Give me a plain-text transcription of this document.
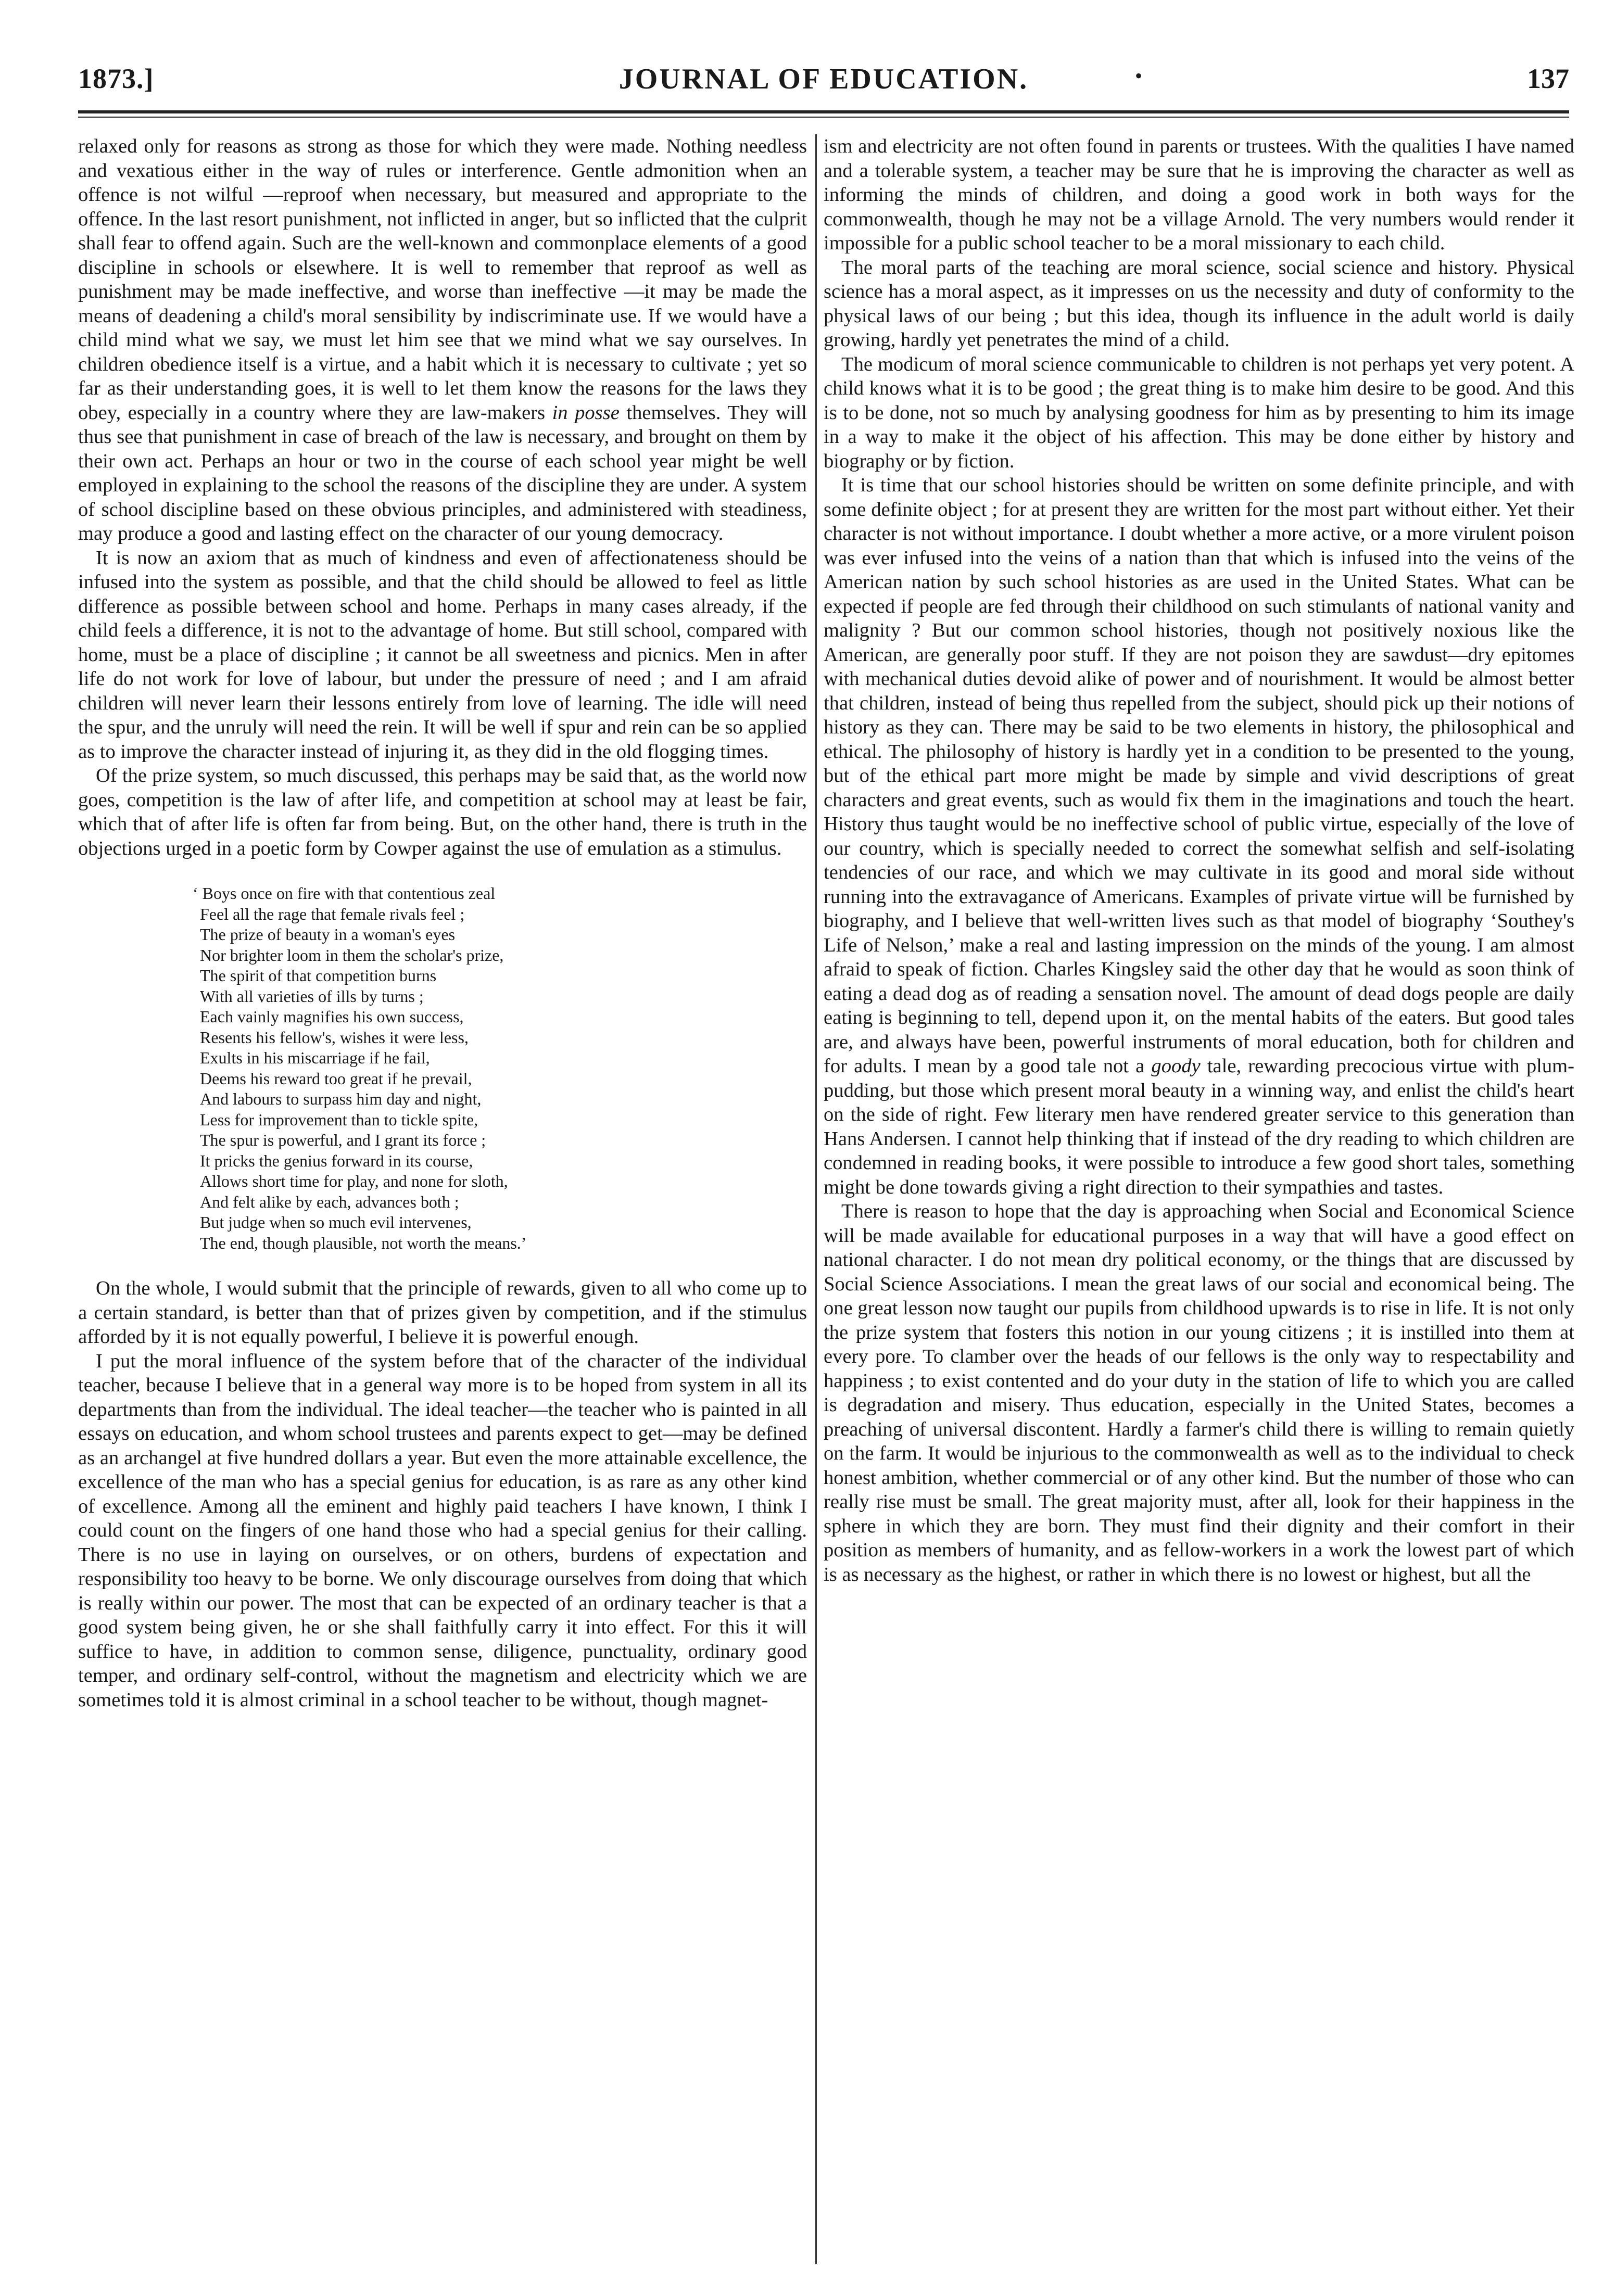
1873.]	JOURNAL OF EDUCATION.	•	137

relaxed only for reasons as strong as those for which they were made. Nothing needless and vexatious either in the way of rules or interference. Gentle admonition when an offence is not wilful —reproof when necessary, but measured and appropriate to the offence. In the last resort punishment, not inflicted in anger, but so inflicted that the culprit shall fear to offend again. Such are the well-known and commonplace elements of a good discipline in schools or elsewhere. It is well to remember that reproof as well as punishment may be made ineffective, and worse than ineffective —it may be made the means of deadening a child's moral sensibility by indiscriminate use. If we would have a child mind what we say, we must let him see that we mind what we say ourselves. In children obedience itself is a virtue, and a habit which it is necessary to cultivate ; yet so far as their understanding goes, it is well to let them know the reasons for the laws they obey, especially in a country where they are law-makers in posse themselves. They will thus see that punishment in case of breach of the law is necessary, and brought on them by their own act. Perhaps an hour or two in the course of each school year might be well employed in explaining to the school the reasons of the discipline they are under. A system of school discipline based on these obvious principles, and administered with steadiness, may produce a good and lasting effect on the character of our young democracy.

It is now an axiom that as much of kindness and even of affectionateness should be infused into the system as possible, and that the child should be allowed to feel as little difference as possible between school and home. Perhaps in many cases already, if the child feels a difference, it is not to the advantage of home. But still school, compared with home, must be a place of discipline ; it cannot be all sweetness and picnics. Men in after life do not work for love of labour, but under the pressure of need ; and I am afraid children will never learn their lessons entirely from love of learning. The idle will need the spur, and the unruly will need the rein. It will be well if spur and rein can be so applied as to improve the character instead of injuring it, as they did in the old flogging times.

Of the prize system, so much discussed, this perhaps may be said that, as the world now goes, competition is the law of after life, and competition at school may at least be fair, which that of after life is often far from being. But, on the other hand, there is truth in the objections urged in a poetic form by Cowper against the use of emulation as a stimulus.

‘ Boys once on fire with that contentious zeal
Feel all the rage that female rivals feel ;
The prize of beauty in a woman's eyes
Nor brighter loom in them the scholar's prize,
The spirit of that competition burns
With all varieties of ills by turns ;
Each vainly magnifies his own success,
Resents his fellow's, wishes it were less,
Exults in his miscarriage if he fail,
Deems his reward too great if he prevail,
And labours to surpass him day and night,
Less for improvement than to tickle spite,
The spur is powerful, and I grant its force ;
It pricks the genius forward in its course,
Allows short time for play, and none for sloth,
And felt alike by each, advances both ;
But judge when so much evil intervenes,
The end, though plausible, not worth the means.’

On the whole, I would submit that the principle of rewards, given to all who come up to a certain standard, is better than that of prizes given by competition, and if the stimulus afforded by it is not equally powerful, I believe it is powerful enough.

I put the moral influence of the system before that of the character of the individual teacher, because I believe that in a general way more is to be hoped from system in all its departments than from the individual. The ideal teacher—the teacher who is painted in all essays on education, and whom school trustees and parents expect to get—may be defined as an archangel at five hundred dollars a year. But even the more attainable excellence, the excellence of the man who has a special genius for education, is as rare as any other kind of excellence. Among all the eminent and highly paid teachers I have known, I think I could count on the fingers of one hand those who had a special genius for their calling. There is no use in laying on ourselves, or on others, burdens of expectation and responsibility too heavy to be borne. We only discourage ourselves from doing that which is really within our power. The most that can be expected of an ordinary teacher is that a good system being given, he or she shall faithfully carry it into effect. For this it will suffice to have, in addition to common sense, diligence, punctuality, ordinary good temper, and ordinary self-control, without the magnetism and electricity which we are sometimes told it is almost criminal in a school teacher to be without, though magnet-

ism and electricity are not often found in parents or trustees. With the qualities I have named and a tolerable system, a teacher may be sure that he is improving the character as well as informing the minds of children, and doing a good work in both ways for the commonwealth, though he may not be a village Arnold. The very numbers would render it impossible for a public school teacher to be a moral missionary to each child.

The moral parts of the teaching are moral science, social science and history. Physical science has a moral aspect, as it impresses on us the necessity and duty of conformity to the physical laws of our being ; but this idea, though its influence in the adult world is daily growing, hardly yet penetrates the mind of a child.

The modicum of moral science communicable to children is not perhaps yet very potent. A child knows what it is to be good ; the great thing is to make him desire to be good. And this is to be done, not so much by analysing goodness for him as by presenting to him its image in a way to make it the object of his affection. This may be done either by history and biography or by fiction.

It is time that our school histories should be written on some definite principle, and with some definite object ; for at present they are written for the most part without either. Yet their character is not without importance. I doubt whether a more active, or a more virulent poison was ever infused into the veins of a nation than that which is infused into the veins of the American nation by such school histories as are used in the United States. What can be expected if people are fed through their childhood on such stimulants of national vanity and malignity ? But our common school histories, though not positively noxious like the American, are generally poor stuff. If they are not poison they are sawdust—dry epitomes with mechanical duties devoid alike of power and of nourishment. It would be almost better that children, instead of being thus repelled from the subject, should pick up their notions of history as they can. There may be said to be two elements in history, the philosophical and ethical. The philosophy of history is hardly yet in a condition to be presented to the young, but of the ethical part more might be made by simple and vivid descriptions of great characters and great events, such as would fix them in the imaginations and touch the heart. History thus taught would be no ineffective school of public virtue, especially of the love of our country, which is specially needed to correct the somewhat selfish and self-isolating tendencies of our race, and which we may cultivate in its good and moral side without running into the extravagance of Americans. Examples of private virtue will be furnished by biography, and I believe that well-written lives such as that model of biography ‘Southey's Life of Nelson,’ make a real and lasting impression on the minds of the young. I am almost afraid to speak of fiction. Charles Kingsley said the other day that he would as soon think of eating a dead dog as of reading a sensation novel. The amount of dead dogs people are daily eating is beginning to tell, depend upon it, on the mental habits of the eaters. But good tales are, and always have been, powerful instruments of moral education, both for children and for adults. I mean by a good tale not a goody tale, rewarding precocious virtue with plum-pudding, but those which present moral beauty in a winning way, and enlist the child's heart on the side of right. Few literary men have rendered greater service to this generation than Hans Andersen. I cannot help thinking that if instead of the dry reading to which children are condemned in reading books, it were possible to introduce a few good short tales, something might be done towards giving a right direction to their sympathies and tastes.

There is reason to hope that the day is approaching when Social and Economical Science will be made available for educational purposes in a way that will have a good effect on national character. I do not mean dry political economy, or the things that are discussed by Social Science Associations. I mean the great laws of our social and economical being. The one great lesson now taught our pupils from childhood upwards is to rise in life. It is not only the prize system that fosters this notion in our young citizens ; it is instilled into them at every pore. To clamber over the heads of our fellows is the only way to respectability and happiness ; to exist contented and do your duty in the station of life to which you are called is degradation and misery. Thus education, especially in the United States, becomes a preaching of universal discontent. Hardly a farmer's child there is willing to remain quietly on the farm. It would be injurious to the commonwealth as well as to the individual to check honest ambition, whether commercial or of any other kind. But the number of those who can really rise must be small. The great majority must, after all, look for their happiness in the sphere in which they are born. They must find their dignity and their comfort in their position as members of humanity, and as fellow-workers in a work the lowest part of which is as necessary as the highest, or rather in which there is no lowest or highest, but all the
